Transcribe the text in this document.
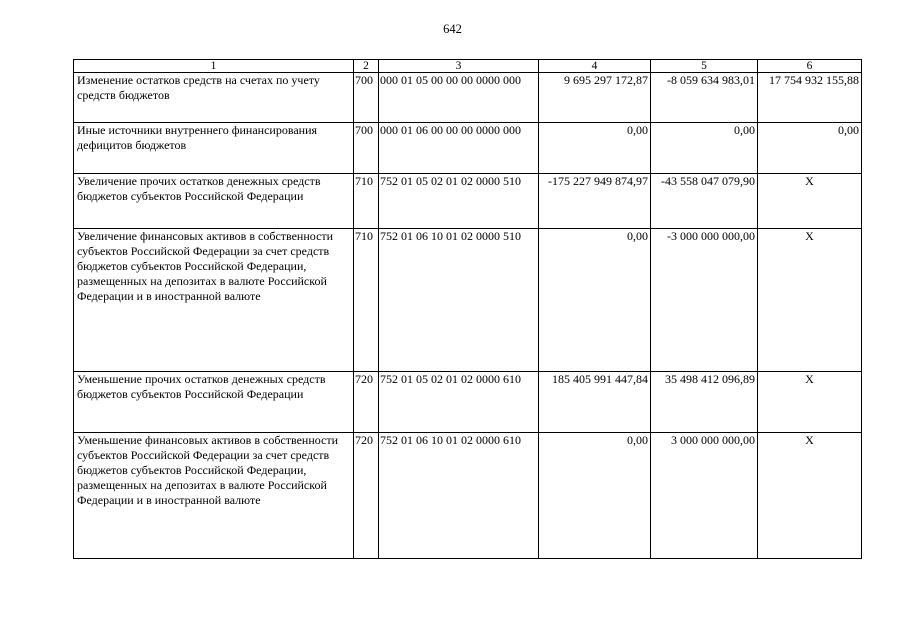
642
1	2	3	4	5	6
Изменение остатков средств на счетах по учету средств бюджетов	700	000 01 05 00 00 00 0000 000	9 695 297 172,87	-8 059 634 983,01	17 754 932 155,88
Иные источники внутреннего финансирования дефицитов бюджетов	700	000 01 06 00 00 00 0000 000	0,00	0,00	0,00
Увеличение прочих остатков денежных средств бюджетов субъектов Российской Федерации	710	752 01 05 02 01 02 0000 510	-175 227 949 874,97	-43 558 047 079,90	X
Увеличение финансовых активов в собственности субъектов Российской Федерации за счет средств бюджетов субъектов Российской Федерации, размещенных на депозитах в валюте Российской Федерации и в иностранной валюте	710	752 01 06 10 01 02 0000 510	0,00	-3 000 000 000,00	X
Уменьшение прочих остатков денежных средств бюджетов субъектов Российской Федерации	720	752 01 05 02 01 02 0000 610	185 405 991 447,84	35 498 412 096,89	X
Уменьшение финансовых активов в собственности субъектов Российской Федерации за счет средств бюджетов субъектов Российской Федерации, размещенных на депозитах в валюте Российской Федерации и в иностранной валюте	720	752 01 06 10 01 02 0000 610	0,00	3 000 000 000,00	X
